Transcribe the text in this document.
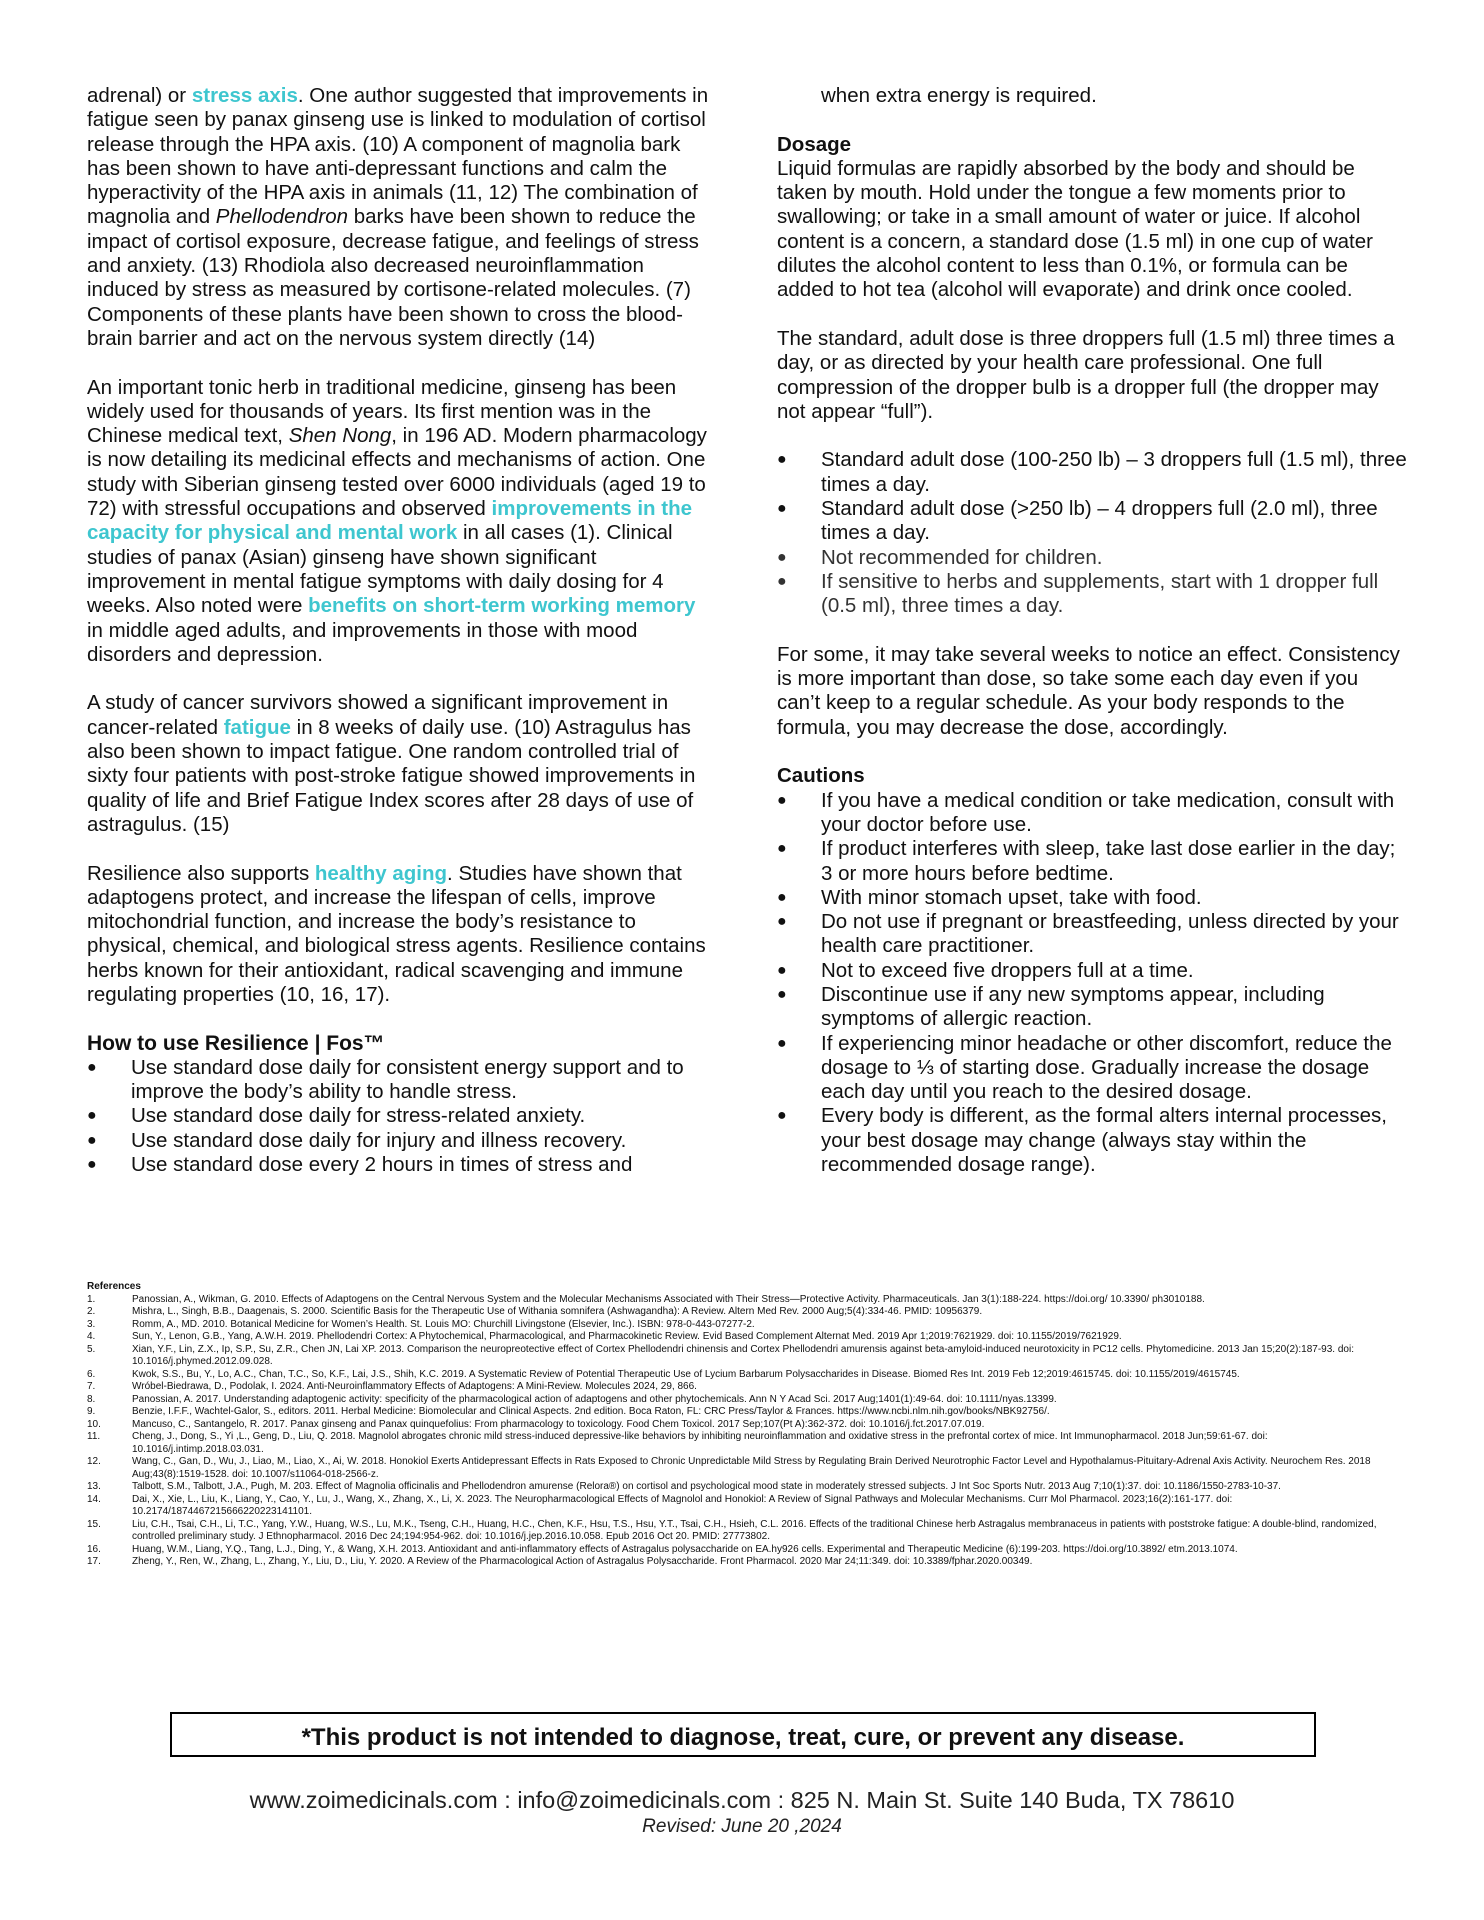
adrenal) or stress axis. One author suggested that improvements in fatigue seen by panax ginseng use is linked to modulation of cortisol release through the HPA axis. (10) A component of magnolia bark has been shown to have anti-depressant functions and calm the hyperactivity of the HPA axis in animals (11, 12) The combination of magnolia and Phellodendron barks have been shown to reduce the impact of cortisol exposure, decrease fatigue, and feelings of stress and anxiety. (13) Rhodiola also decreased neuroinflammation induced by stress as measured by cortisone-related molecules. (7) Components of these plants have been shown to cross the blood-brain barrier and act on the nervous system directly (14)

An important tonic herb in traditional medicine, ginseng has been widely used for thousands of years. Its first mention was in the Chinese medical text, Shen Nong, in 196 AD. Modern pharmacology is now detailing its medicinal effects and mechanisms of action. One study with Siberian ginseng tested over 6000 individuals (aged 19 to 72) with stressful occupations and observed improvements in the capacity for physical and mental work in all cases (1). Clinical studies of panax (Asian) ginseng have shown significant improvement in mental fatigue symptoms with daily dosing for 4 weeks. Also noted were benefits on short-term working memory in middle aged adults, and improvements in those with mood disorders and depression.

A study of cancer survivors showed a significant improvement in cancer-related fatigue in 8 weeks of daily use. (10) Astragulus has also been shown to impact fatigue. One random controlled trial of sixty four patients with post-stroke fatigue showed improvements in quality of life and Brief Fatigue Index scores after 28 days of use of astragulus. (15)

Resilience also supports healthy aging. Studies have shown that adaptogens protect, and increase the lifespan of cells, improve mitochondrial function, and increase the body’s resistance to physical, chemical, and biological stress agents. Resilience contains herbs known for their antioxidant, radical scavenging and immune regulating properties (10, 16, 17).

How to use Resilience | Fos™

● Use standard dose daily for consistent energy support and to improve the body’s ability to handle stress.
● Use standard dose daily for stress-related anxiety.
● Use standard dose daily for injury and illness recovery.
● Use standard dose every 2 hours in times of stress and

when extra energy is required.

Dosage

Liquid formulas are rapidly absorbed by the body and should be taken by mouth. Hold under the tongue a few moments prior to swallowing; or take in a small amount of water or juice. If alcohol content is a concern, a standard dose (1.5 ml) in one cup of water dilutes the alcohol content to less than 0.1%, or formula can be added to hot tea (alcohol will evaporate) and drink once cooled.

The standard, adult dose is three droppers full (1.5 ml) three times a day, or as directed by your health care professional. One full compression of the dropper bulb is a dropper full (the dropper may not appear “full”).

● Standard adult dose (100-250 lb) – 3 droppers full (1.5 ml), three times a day.
● Standard adult dose (>250 lb) – 4 droppers full (2.0 ml), three times a day.
● Not recommended for children.
● If sensitive to herbs and supplements, start with 1 dropper full (0.5 ml), three times a day.

For some, it may take several weeks to notice an effect. Consistency is more important than dose, so take some each day even if you can’t keep to a regular schedule. As your body responds to the formula, you may decrease the dose, accordingly.

Cautions

● If you have a medical condition or take medication, consult with your doctor before use.
● If product interferes with sleep, take last dose earlier in the day; 3 or more hours before bedtime.
● With minor stomach upset, take with food.
● Do not use if pregnant or breastfeeding, unless directed by your health care practitioner.
● Not to exceed five droppers full at a time.
● Discontinue use if any new symptoms appear, including symptoms of allergic reaction.
● If experiencing minor headache or other discomfort, reduce the dosage to ⅓ of starting dose. Gradually increase the dosage each day until you reach to the desired dosage.
● Every body is different, as the formal alters internal processes, your best dosage may change (always stay within the recommended dosage range).
References
1.	Panossian, A., Wikman, G. 2010. Effects of Adaptogens on the Central Nervous System and the Molecular Mechanisms Associated with Their Stress—Protective Activity. Pharmaceuticals. Jan 3(1):188-224. https://doi.org/ 10.3390/ ph3010188.
2.	Mishra, L., Singh, B.B., Daagenais, S. 2000. Scientific Basis for the Therapeutic Use of Withania somnifera (Ashwagandha): A Review. Altern Med Rev. 2000 Aug;5(4):334-46. PMID: 10956379.
3.	Romm, A., MD. 2010. Botanical Medicine for Women’s Health. St. Louis MO: Churchill Livingstone (Elsevier, Inc.). ISBN: 978-0-443-07277-2.
4.	Sun, Y., Lenon, G.B., Yang, A.W.H. 2019. Phellodendri Cortex: A Phytochemical, Pharmacological, and Pharmacokinetic Review. Evid Based Complement Alternat Med. 2019 Apr 1;2019:7621929. doi: 10.1155/2019/7621929.
5.	Xian, Y.F., Lin, Z.X., Ip, S.P., Su, Z.R., Chen JN, Lai XP. 2013. Comparison the neuropreotective effect of Cortex Phellodendri chinensis and Cortex Phellodendri amurensis against beta-amyloid-induced neurotoxicity in PC12 cells. Phytomedicine. 2013 Jan 15;20(2):187-93. doi: 10.1016/j.phymed.2012.09.028.
6.	Kwok, S.S., Bu, Y., Lo, A.C., Chan, T.C., So, K.F., Lai, J.S., Shih, K.C. 2019. A Systematic Review of Potential Therapeutic Use of Lycium Barbarum Polysaccharides in Disease. Biomed Res Int. 2019 Feb 12;2019:4615745. doi: 10.1155/2019/4615745.
7.	Wróbel-Biedrawa, D., Podolak, I. 2024. Anti-Neuroinflammatory Effects of Adaptogens: A Mini-Review. Molecules 2024, 29, 866.
8.	Panossian, A. 2017. Understanding adaptogenic activity: specificity of the pharmacological action of adaptogens and other phytochemicals. Ann N Y Acad Sci. 2017 Aug;1401(1):49-64. doi: 10.1111/nyas.13399.
9.	Benzie, I.F.F., Wachtel-Galor, S., editors. 2011. Herbal Medicine: Biomolecular and Clinical Aspects. 2nd edition. Boca Raton, FL: CRC Press/Taylor & Frances. https://www.ncbi.nlm.nih.gov/books/NBK92756/.
10.	Mancuso, C., Santangelo, R. 2017. Panax ginseng and Panax quinquefolius: From pharmacology to toxicology. Food Chem Toxicol. 2017 Sep;107(Pt A):362-372. doi: 10.1016/j.fct.2017.07.019.
11.	Cheng, J., Dong, S., Yi ,L., Geng, D., Liu, Q. 2018. Magnolol abrogates chronic mild stress-induced depressive-like behaviors by inhibiting neuroinflammation and oxidative stress in the prefrontal cortex of mice. Int Immunopharmacol. 2018 Jun;59:61-67. doi: 10.1016/j.intimp.2018.03.031.
12.	Wang, C., Gan, D., Wu, J., Liao, M., Liao, X., Ai, W. 2018. Honokiol Exerts Antidepressant Effects in Rats Exposed to Chronic Unpredictable Mild Stress by Regulating Brain Derived Neurotrophic Factor Level and Hypothalamus-Pituitary-Adrenal Axis Activity. Neurochem Res. 2018 Aug;43(8):1519-1528. doi: 10.1007/s11064-018-2566-z.
13.	Talbott, S.M., Talbott, J.A., Pugh, M. 203. Effect of Magnolia officinalis and Phellodendron amurense (Relora®) on cortisol and psychological mood state in moderately stressed subjects. J Int Soc Sports Nutr. 2013 Aug 7;10(1):37. doi: 10.1186/1550-2783-10-37.
14.	Dai, X., Xie, L., Liu, K., Liang, Y., Cao, Y., Lu, J., Wang, X., Zhang, X., Li, X. 2023. The Neuropharmacological Effects of Magnolol and Honokiol: A Review of Signal Pathways and Molecular Mechanisms. Curr Mol Pharmacol. 2023;16(2):161-177. doi: 10.2174/1874467215666220223141101.
15.	Liu, C.H., Tsai, C.H., Li, T.C., Yang, Y.W., Huang, W.S., Lu, M.K., Tseng, C.H., Huang, H.C., Chen, K.F., Hsu, T.S., Hsu, Y.T., Tsai, C.H., Hsieh, C.L. 2016. Effects of the traditional Chinese herb Astragalus membranaceus in patients with poststroke fatigue: A double-blind, randomized, controlled preliminary study. J Ethnopharmacol. 2016 Dec 24;194:954-962. doi: 10.1016/j.jep.2016.10.058. Epub 2016 Oct 20. PMID: 27773802.
16.	Huang, W.M., Liang, Y.Q., Tang, L.J., Ding, Y., & Wang, X.H. 2013. Antioxidant and anti-inflammatory effects of Astragalus polysaccharide on EA.hy926 cells. Experimental and Therapeutic Medicine (6):199-203. https://doi.org/10.3892/ etm.2013.1074.
17.	Zheng, Y., Ren, W., Zhang, L., Zhang, Y., Liu, D., Liu, Y. 2020. A Review of the Pharmacological Action of Astragalus Polysaccharide. Front Pharmacol. 2020 Mar 24;11:349. doi: 10.3389/fphar.2020.00349.
*This product is not intended to diagnose, treat, cure, or prevent any disease.
www.zoimedicinals.com : info@zoimedicinals.com : 825 N. Main St. Suite 140 Buda, TX 78610
Revised: June 20 ,2024
